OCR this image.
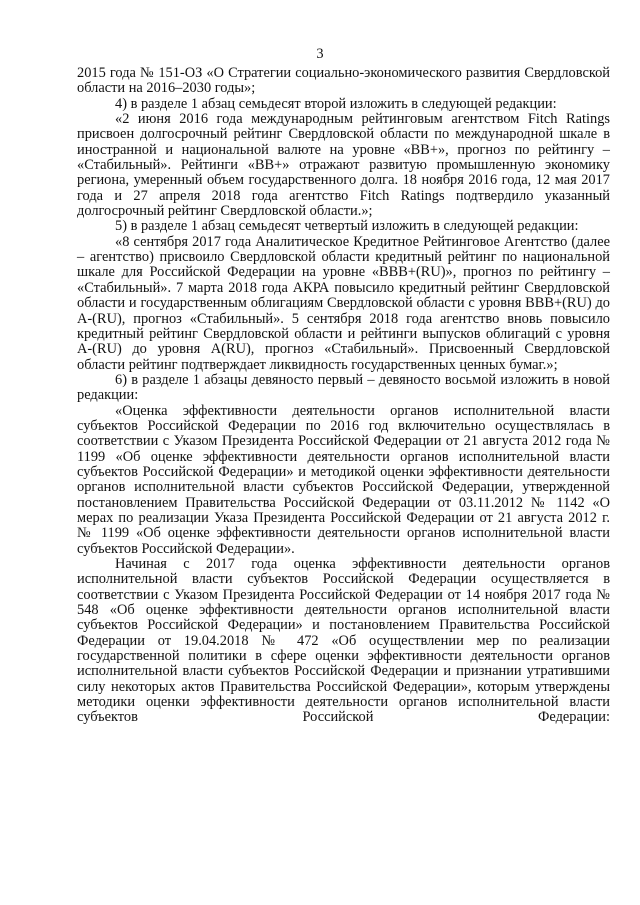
3

2015 года № 151-ОЗ «О Стратегии социально-экономического развития Свердловской области на 2016–2030 годы»;

4) в разделе 1 абзац семьдесят второй изложить в следующей редакции:

«2 июня 2016 года международным рейтинговым агентством Fitch Ratings присвоен долгосрочный рейтинг Свердловской области по международной шкале в иностранной и национальной валюте на уровне «BB+», прогноз по рейтингу – «Стабильный». Рейтинги «BB+» отражают развитую промышленную экономику региона, умеренный объем государственного долга. 18 ноября 2016 года, 12 мая 2017 года и 27 апреля 2018 года агентство Fitch Ratings подтвердило указанный долгосрочный рейтинг Свердловской области.»;

5) в разделе 1 абзац семьдесят четвертый изложить в следующей редакции:

«8 сентября 2017 года Аналитическое Кредитное Рейтинговое Агентство (далее – агентство) присвоило Свердловской области кредитный рейтинг по национальной шкале для Российской Федерации на уровне «BBB+(RU)», прогноз по рейтингу – «Стабильный». 7 марта 2018 года АКРА повысило кредитный рейтинг Свердловской области и государственным облигациям Свердловской области с уровня BBB+(RU) до A-(RU), прогноз «Стабильный». 5 сентября 2018 года агентство вновь повысило кредитный рейтинг Свердловской области и рейтинги выпусков облигаций с уровня A-(RU) до уровня A(RU), прогноз «Стабильный». Присвоенный Свердловской области рейтинг подтверждает ликвидность государственных ценных бумаг.»;

6) в разделе 1 абзацы девяносто первый – девяносто восьмой изложить в новой редакции:

«Оценка эффективности деятельности органов исполнительной власти субъектов Российской Федерации по 2016 год включительно осуществлялась в соответствии с Указом Президента Российской Федерации от 21 августа 2012 года № 1199 «Об оценке эффективности деятельности органов исполнительной власти субъектов Российской Федерации» и методикой оценки эффективности деятельности органов исполнительной власти субъектов Российской Федерации, утвержденной постановлением Правительства Российской Федерации от 03.11.2012 № 1142 «О мерах по реализации Указа Президента Российской Федерации от 21 августа 2012 г. № 1199 «Об оценке эффективности деятельности органов исполнительной власти субъектов Российской Федерации».

Начиная с 2017 года оценка эффективности деятельности органов исполнительной власти субъектов Российской Федерации осуществляется в соответствии с Указом Президента Российской Федерации от 14 ноября 2017 года № 548 «Об оценке эффективности деятельности органов исполнительной власти субъектов Российской Федерации» и постановлением Правительства Российской Федерации от 19.04.2018 № 472 «Об осуществлении мер по реализации государственной политики в сфере оценки эффективности деятельности органов исполнительной власти субъектов Российской Федерации и признании утратившими силу некоторых актов Правительства Российской Федерации», которым утверждены методики оценки эффективности деятельности органов исполнительной власти субъектов Российской Федерации:
